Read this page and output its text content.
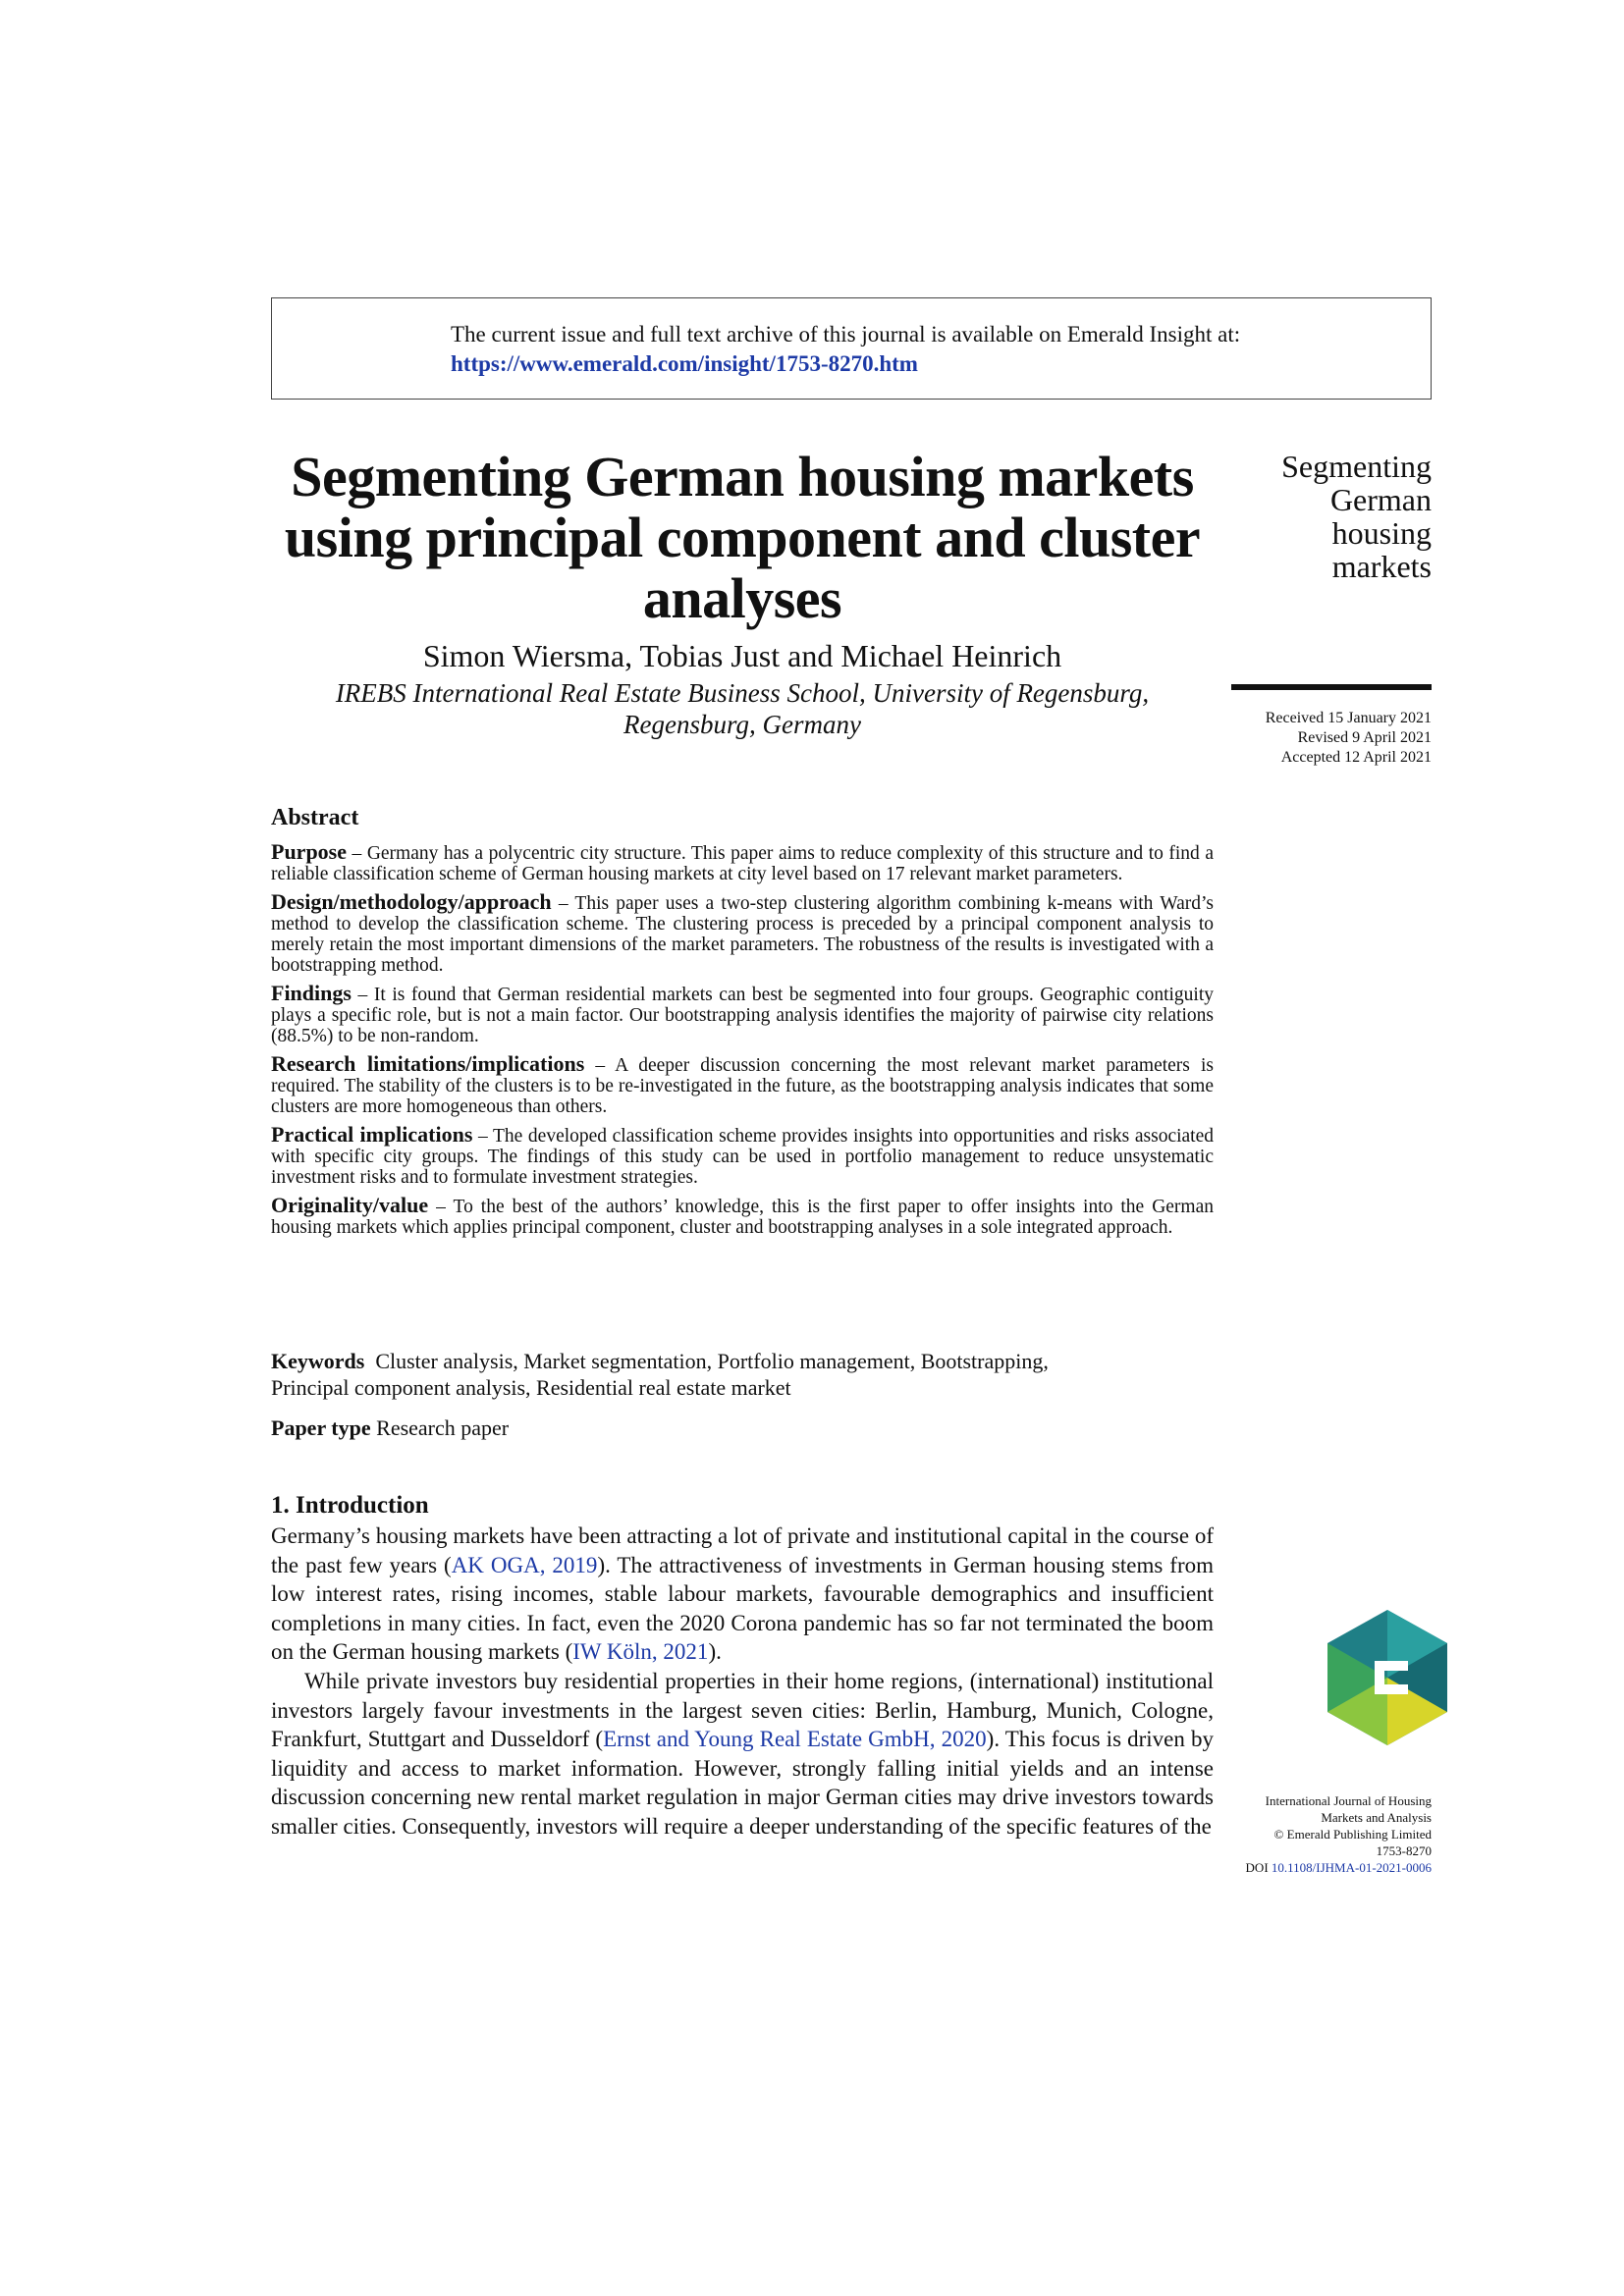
The current issue and full text archive of this journal is available on Emerald Insight at:
https://www.emerald.com/insight/1753-8270.htm
Segmenting German housing markets using principal component and cluster analyses
Simon Wiersma, Tobias Just and Michael Heinrich
IREBS International Real Estate Business School, University of Regensburg,
Regensburg, Germany
Segmenting
German
housing
markets
Received 15 January 2021
Revised 9 April 2021
Accepted 12 April 2021
Abstract

Purpose – Germany has a polycentric city structure. This paper aims to reduce complexity of this structure and to find a reliable classification scheme of German housing markets at city level based on 17 relevant market parameters.

Design/methodology/approach – This paper uses a two-step clustering algorithm combining k-means with Ward’s method to develop the classification scheme. The clustering process is preceded by a principal component analysis to merely retain the most important dimensions of the market parameters. The robustness of the results is investigated with a bootstrapping method.

Findings – It is found that German residential markets can best be segmented into four groups. Geographic contiguity plays a specific role, but is not a main factor. Our bootstrapping analysis identifies the majority of pairwise city relations (88.5%) to be non-random.

Research limitations/implications – A deeper discussion concerning the most relevant market parameters is required. The stability of the clusters is to be re-investigated in the future, as the bootstrapping analysis indicates that some clusters are more homogeneous than others.

Practical implications – The developed classification scheme provides insights into opportunities and risks associated with specific city groups. The findings of this study can be used in portfolio management to reduce unsystematic investment risks and to formulate investment strategies.

Originality/value – To the best of the authors’ knowledge, this is the first paper to offer insights into the German housing markets which applies principal component, cluster and bootstrapping analyses in a sole integrated approach.

Keywords Cluster analysis, Market segmentation, Portfolio management, Bootstrapping,
Principal component analysis, Residential real estate market
Paper type Research paper
1. Introduction

Germany’s housing markets have been attracting a lot of private and institutional capital in the course of the past few years (AK OGA, 2019). The attractiveness of investments in German housing stems from low interest rates, rising incomes, stable labour markets, favourable demographics and insufficient completions in many cities. In fact, even the 2020 Corona pandemic has so far not terminated the boom on the German housing markets (IW Köln, 2021).

While private investors buy residential properties in their home regions, (international) institutional investors largely favour investments in the largest seven cities: Berlin, Hamburg, Munich, Cologne, Frankfurt, Stuttgart and Dusseldorf (Ernst and Young Real Estate GmbH, 2020). This focus is driven by liquidity and access to market information. However, strongly falling initial yields and an intense discussion concerning new rental market regulation in major German cities may drive investors towards smaller cities. Consequently, investors will require a deeper understanding of the specific features of the

International Journal of Housing
Markets and Analysis
© Emerald Publishing Limited
1753-8270
DOI 10.1108/IJHMA-01-2021-0006
